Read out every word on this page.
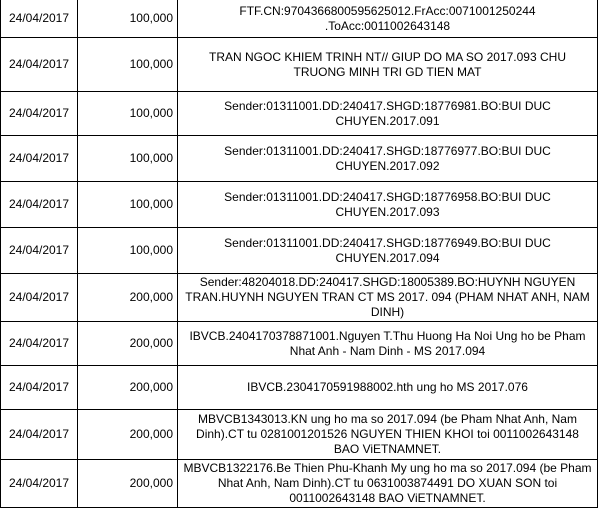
24/04/2017	100,000	FTF.CN:9704366800595625012.FrAcc:0071001250244 .ToAcc:0011002643148
24/04/2017	100,000	TRAN NGOC KHIEM TRINH NT// GIUP DO MA SO 2017.093 CHU TRUONG MINH TRI GD TIEN MAT
24/04/2017	100,000	Sender:01311001.DD:240417.SHGD:18776981.BO:BUI DUC CHUYEN.2017.091
24/04/2017	100,000	Sender:01311001.DD:240417.SHGD:18776977.BO:BUI DUC CHUYEN.2017.092
24/04/2017	100,000	Sender:01311001.DD:240417.SHGD:18776958.BO:BUI DUC CHUYEN.2017.093
24/04/2017	100,000	Sender:01311001.DD:240417.SHGD:18776949.BO:BUI DUC CHUYEN.2017.094
24/04/2017	200,000	Sender:48204018.DD:240417.SHGD:18005389.BO:HUYNH NGUYEN TRAN.HUYNH NGUYEN TRAN CT MS 2017. 094 (PHAM NHAT ANH, NAM DINH)
24/04/2017	200,000	IBVCB.2404170378871001.Nguyen T.Thu Huong Ha Noi Ung ho be Pham Nhat Anh - Nam Dinh - MS 2017.094
24/04/2017	200,000	IBVCB.2304170591988002.hth ung ho MS 2017.076
24/04/2017	200,000	MBVCB1343013.KN ung ho ma so 2017.094 (be Pham Nhat Anh, Nam Dinh).CT tu 0281001201526 NGUYEN THIEN KHOI toi 0011002643148 BAO ViETNAMNET.
24/04/2017	200,000	MBVCB1322176.Be Thien Phu-Khanh My ung ho ma so 2017.094 (be Pham Nhat Anh, Nam Dinh).CT tu 0631003874491 DO XUAN SON toi 0011002643148 BAO ViETNAMNET.
